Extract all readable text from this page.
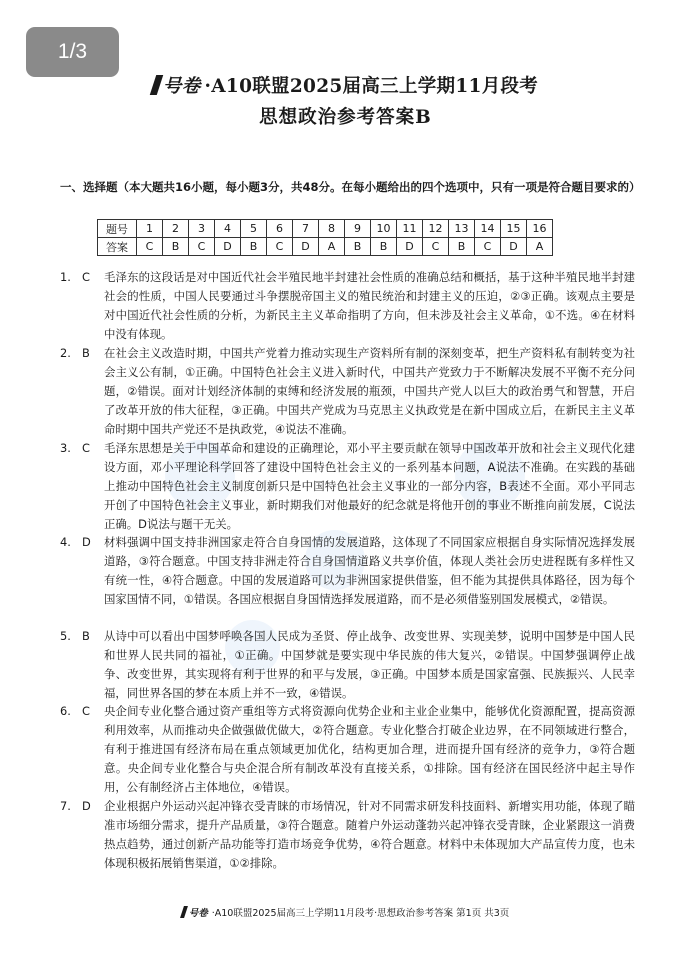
1/3
号卷 ·A10联盟2025届高三上学期11月段考
思想政治参考答案B
一、选择题（本大题共16小题，每小题3分，共48分。在每小题给出的四个选项中，只有一项是符合题目要求的）
题号	1	2	3	4	5	6	7	8	9	10	11	12	13	14	15	16
答案	C	B	C	D	B	C	D	A	B	B	D	C	B	C	D	A
1. C 毛泽东的这段话是对中国近代社会半殖民地半封建社会性质的准确总结和概括，基于这种半殖民地半封建社会的性质，中国人民要通过斗争摆脱帝国主义的殖民统治和封建主义的压迫，②③正确。该观点主要是对中国近代社会性质的分析，为新民主主义革命指明了方向，但未涉及社会主义革命，①不选。④在材料中没有体现。
2. B 在社会主义改造时期，中国共产党着力推动实现生产资料所有制的深刻变革，把生产资料私有制转变为社会主义公有制，①正确。中国特色社会主义进入新时代，中国共产党致力于不断解决发展不平衡不充分问题，②错误。面对计划经济体制的束缚和经济发展的瓶颈，中国共产党人以巨大的政治勇气和智慧，开启了改革开放的伟大征程，③正确。中国共产党成为马克思主义执政党是在新中国成立后，在新民主主义革命时期中国共产党还不是执政党，④说法不准确。
3. C 毛泽东思想是关于中国革命和建设的正确理论，邓小平主要贡献在领导中国改革开放和社会主义现代化建设方面，邓小平理论科学回答了建设中国特色社会主义的一系列基本问题，A说法不准确。在实践的基础上推动中国特色社会主义制度创新只是中国特色社会主义事业的一部分内容，B表述不全面。邓小平同志开创了中国特色社会主义事业，新时期我们对他最好的纪念就是将他开创的事业不断推向前发展，C说法正确。D说法与题干无关。
4. D 材料强调中国支持非洲国家走符合自身国情的发展道路，这体现了不同国家应根据自身实际情况选择发展道路，③符合题意。中国支持非洲走符合自身国情道路义共享价值，体现人类社会历史进程既有多样性又有统一性，④符合题意。中国的发展道路可以为非洲国家提供借鉴，但不能为其提供具体路径，因为每个国家国情不同，①错误。各国应根据自身国情选择发展道路，而不是必须借鉴别国发展模式，②错误。
5. B 从诗中可以看出中国梦呼唤各国人民成为圣贤、停止战争、改变世界、实现美梦，说明中国梦是中国人民和世界人民共同的福祉，①正确。中国梦就是要实现中华民族的伟大复兴，②错误。中国梦强调停止战争、改变世界，其实现将有利于世界的和平与发展，③正确。中国梦本质是国家富强、民族振兴、人民幸福，同世界各国的梦在本质上并不一致，④错误。
6. C 央企间专业化整合通过资产重组等方式将资源向优势企业和主业企业集中，能够优化资源配置，提高资源利用效率，从而推动央企做强做优做大，②符合题意。专业化整合打破企业边界，在不同领域进行整合，有利于推进国有经济布局在重点领域更加优化，结构更加合理，进而提升国有经济的竞争力，③符合题意。央企间专业化整合与央企混合所有制改革没有直接关系，①排除。国有经济在国民经济中起主导作用，公有制经济占主体地位，④错误。
7. D 企业根据户外运动兴起冲锋衣受青睐的市场情况，针对不同需求研发科技面料、新增实用功能，体现了瞄准市场细分需求，提升产品质量，③符合题意。随着户外运动蓬勃兴起冲锋衣受青睐，企业紧跟这一消费热点趋势，通过创新产品功能等打造市场竞争优势，④符合题意。材料中未体现加大产品宣传力度，也未体现积极拓展销售渠道，①②排除。
号卷 ·A10联盟2025届高三上学期11月段考·思想政治参考答案 第1页 共3页
